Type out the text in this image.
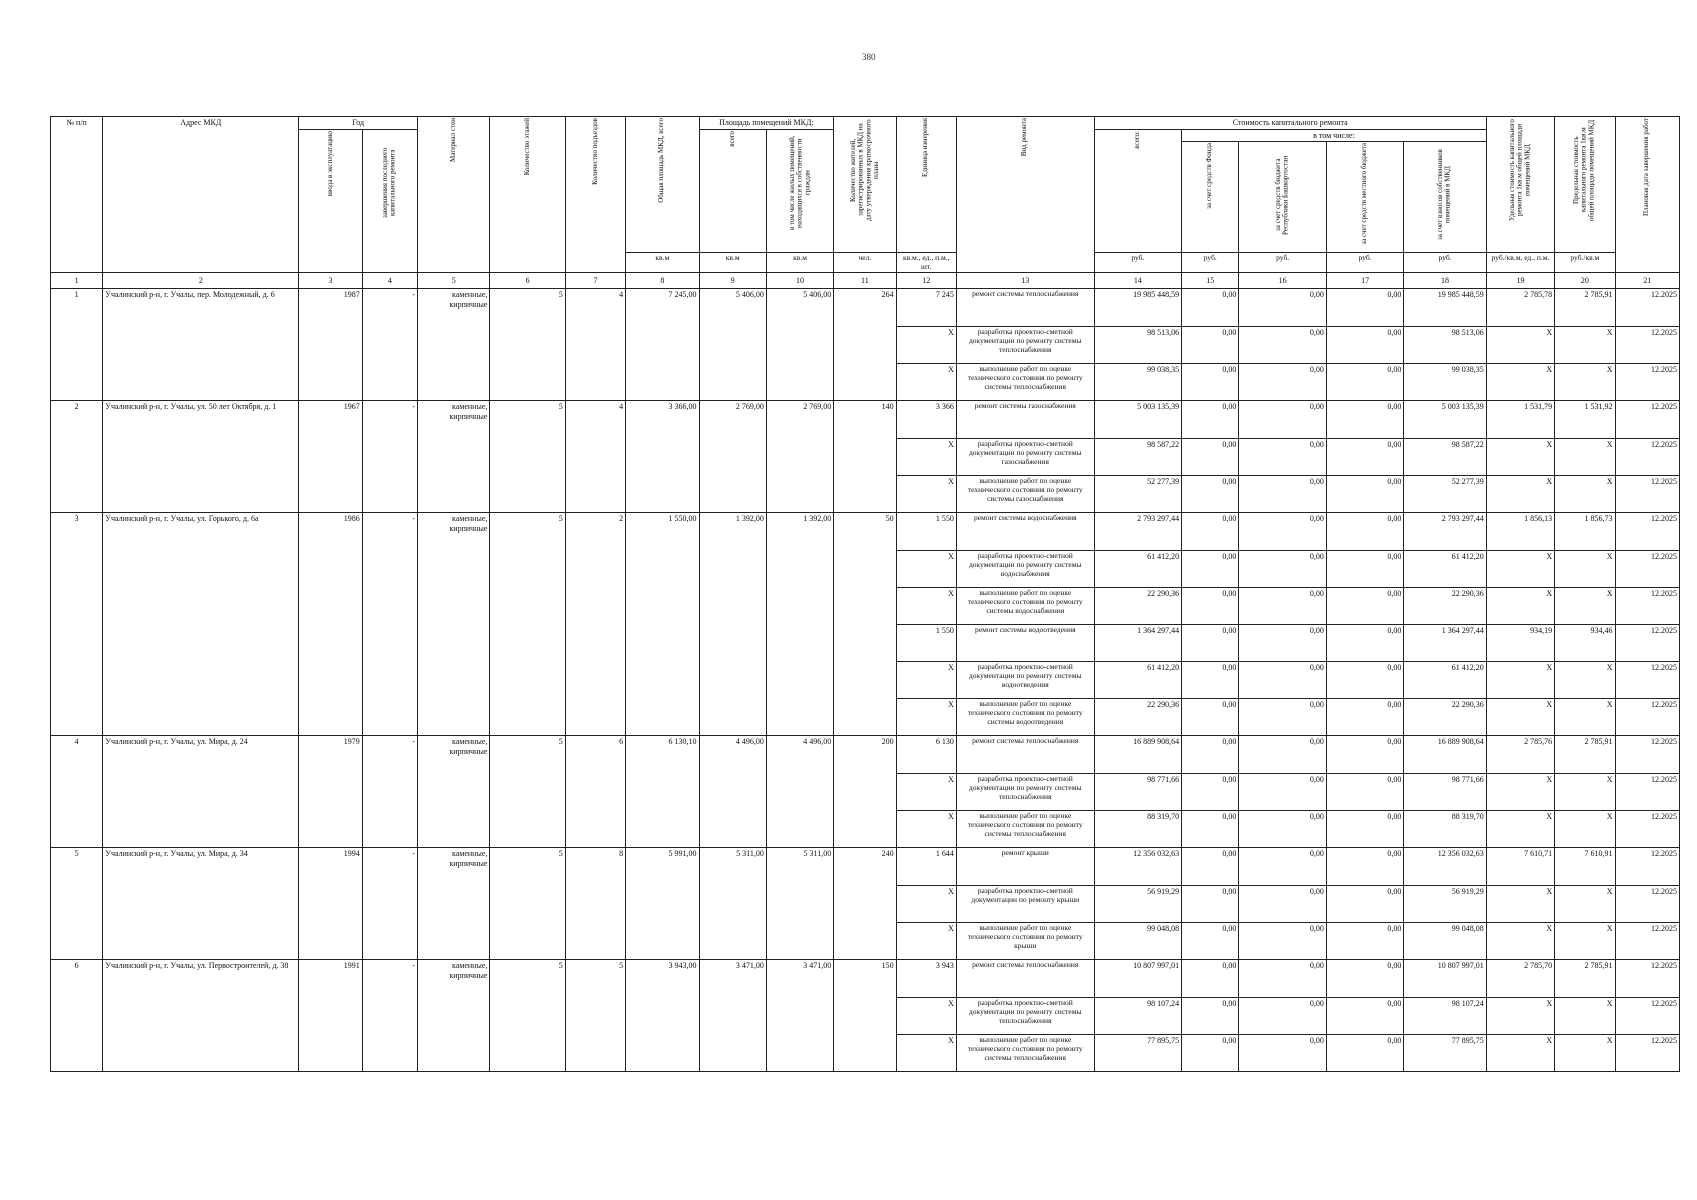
380
№ п/п	Адрес МКД	Год		Материал стен	Количество этажей	Количество подъездов	Общая площадь МКД, всего	Площадь помещений МКД:		Количество жителей, зарегистрированных в МКД на дату утверждения краткосрочного плана	Единица измерения	Вид ремонта	Стоимость капитального ремонта					Удельная стоимость капитального ремонта 1кв.м общей площади помещений МКД	Предельная стоимость капитального ремонта 1кв.м общей площади помещений МКД	Плановая дата завершения работ
		ввода в эксплуатацию	завершения последнего капитального ремонта					всего	в том числе жилых помещений, находящихся в собственности граждан				всего:	в том числе:						
														за счет средств Фонда	за счет средств бюджета Республики Башкортостан	за счет средств местного бюджета	за счет взносов собственников помещений в МКД			
							кв.м	кв.м	кв.м	чел.	кв.м., ед., п.м., шт.		руб.	руб.	руб.	руб.	руб.	руб./кв.м, ед., п.м.	руб./кв.м	
1	2	3	4	5	6	7	8	9	10	11	12	13	14	15	16	17	18	19	20	21
1	Учалинский р-н, г. Учалы, пер. Молодежный, д. 6	1987	-	каменные, кирпичные	5	4	7 245,00	5 406,00	5 406,00	264	7 245	ремонт системы теплоснабжения	19 985 448,59	0,00	0,00	0,00	19 985 448,59	2 785,78	2 785,91	12.2025
											X	разработка проектно-сметной документации по ремонту системы теплоснабжения	98 513,06	0,00	0,00	0,00	98 513,06	X	X	12.2025
											X	выполнение работ по оценке технического состояния по ремонту системы теплоснабжения	99 038,35	0,00	0,00	0,00	99 038,35	X	X	12.2025
2	Учалинский р-н, г. Учалы, ул. 50 лет Октября, д. 1	1967	-	каменные, кирпичные	5	4	3 366,00	2 769,00	2 769,00	140	3 366	ремонт системы газоснабжения	5 003 135,39	0,00	0,00	0,00	5 003 135,39	1 531,79	1 531,92	12.2025
											X	разработка проектно-сметной документации по ремонту системы газоснабжения	98 587,22	0,00	0,00	0,00	98 587,22	X	X	12.2025
											X	выполнение работ по оценке технического состояния по ремонту системы газоснабжения	52 277,39	0,00	0,00	0,00	52 277,39	X	X	12.2025
3	Учалинский р-н, г. Учалы, ул. Горького, д. 6а	1986	-	каменные, кирпичные	5	2	1 550,00	1 392,00	1 392,00	50	1 550	ремонт системы водоснабжения	2 793 297,44	0,00	0,00	0,00	2 793 297,44	1 856,13	1 856,73	12.2025
											X	разработка проектно-сметной документации по ремонту системы водоснабжения	61 412,20	0,00	0,00	0,00	61 412,20	X	X	12.2025
											X	выполнение работ по оценке технического состояния по ремонту системы водоснабжения	22 290,36	0,00	0,00	0,00	22 290,36	X	X	12.2025
											1 550	ремонт системы водоотведения	1 364 297,44	0,00	0,00	0,00	1 364 297,44	934,19	934,46	12.2025
											X	разработка проектно-сметной документации по ремонту системы водоотведения	61 412,20	0,00	0,00	0,00	61 412,20	X	X	12.2025
											X	выполнение работ по оценке технического состояния по ремонту системы водоотведения	22 290,36	0,00	0,00	0,00	22 290,36	X	X	12.2025
4	Учалинский р-н, г. Учалы, ул. Мира, д. 24	1979	-	каменные, кирпичные	5	6	6 130,10	4 496,00	4 496,00	200	6 130	ремонт системы теплоснабжения	16 889 908,64	0,00	0,00	0,00	16 889 908,64	2 785,76	2 785,91	12.2025
											X	разработка проектно-сметной документации по ремонту системы теплоснабжения	98 771,66	0,00	0,00	0,00	98 771,66	X	X	12.2025
											X	выполнение работ по оценке технического состояния по ремонту системы теплоснабжения	88 319,70	0,00	0,00	0,00	88 319,70	X	X	12.2025
5	Учалинский р-н, г. Учалы, ул. Мира, д. 34	1994	-	каменные, кирпичные	5	8	5 991,00	5 311,00	5 311,00	240	1 644	ремонт крыши	12 356 032,63	0,00	0,00	0,00	12 356 032,63	7 610,71	7 610,91	12.2025
											X	разработка проектно-сметной документации по ремонту крыши	56 919,29	0,00	0,00	0,00	56 919,29	X	X	12.2025
											X	выполнение работ по оценке технического состояния по ремонту крыши	99 048,08	0,00	0,00	0,00	99 048,08	X	X	12.2025
6	Учалинский р-н, г. Учалы, ул. Первостроителей, д. 38	1991	-	каменные, кирпичные	5	5	3 943,00	3 471,00	3 471,00	150	3 943	ремонт системы теплоснабжения	10 807 997,01	0,00	0,00	0,00	10 807 997,01	2 785,70	2 785,91	12.2025
											X	разработка проектно-сметной документации по ремонту системы теплоснабжения	98 107,24	0,00	0,00	0,00	98 107,24	X	X	12.2025
											X	выполнение работ по оценке технического состояния по ремонту системы теплоснабжения	77 895,75	0,00	0,00	0,00	77 895,75	X	X	12.2025
